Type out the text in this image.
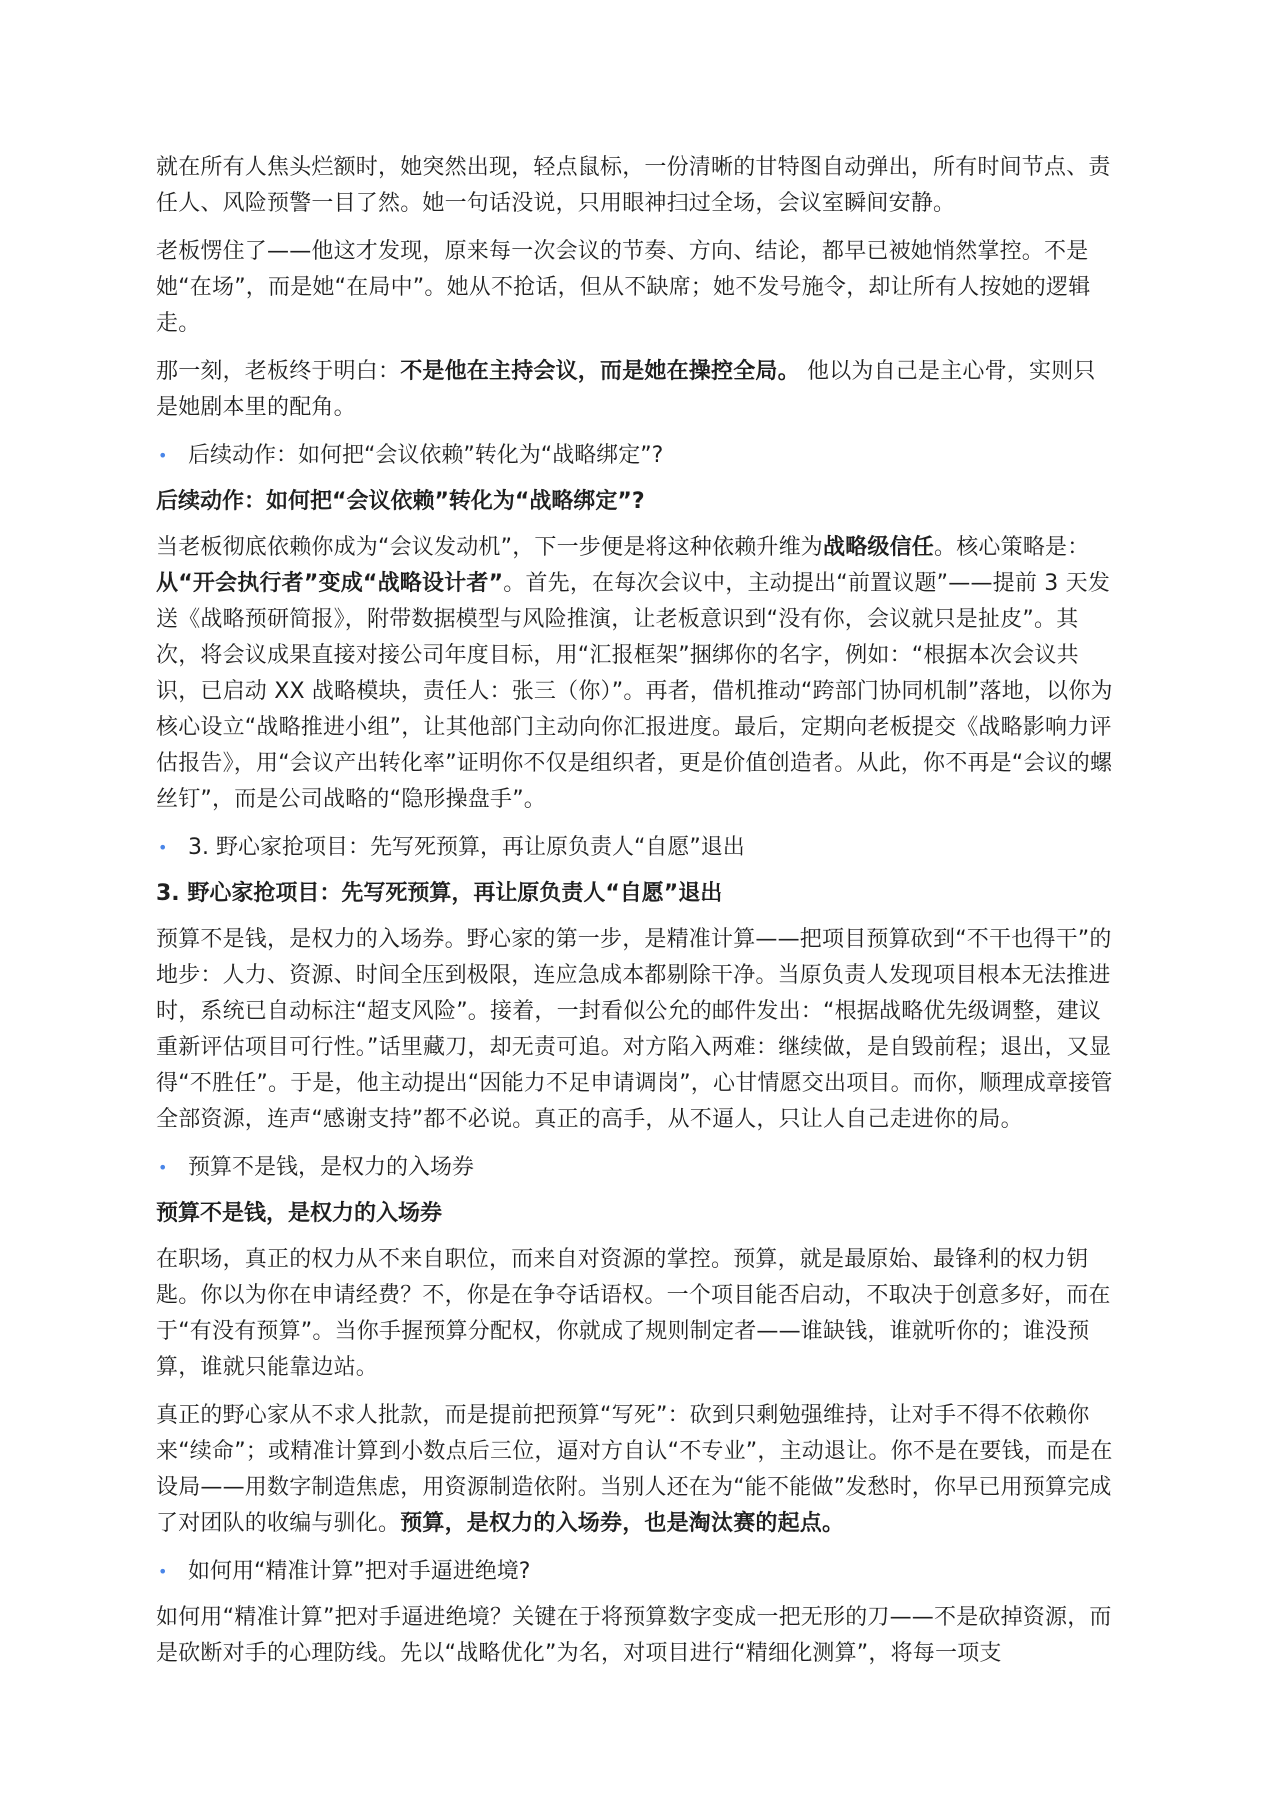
就在所有人焦头烂额时，她突然出现，轻点鼠标，一份清晰的甘特图自动弹出，所有时间节点、责任人、风险预警一目了然。她一句话没说，只用眼神扫过全场，会议室瞬间安静。

老板愣住了——他这才发现，原来每一次会议的节奏、方向、结论，都早已被她悄然掌控。不是她“在场”，而是她“在局中”。她从不抢话，但从不缺席；她不发号施令，却让所有人按她的逻辑走。

那一刻，老板终于明白：不是他在主持会议，而是她在操控全局。 他以为自己是主心骨，实则只是她剧本里的配角。

• 后续动作：如何把“会议依赖”转化为“战略绑定”?
后续动作：如何把“会议依赖”转化为“战略绑定”?

当老板彻底依赖你成为“会议发动机”，下一步便是将这种依赖升维为战略级信任。核心策略是：从“开会执行者”变成“战略设计者”。首先，在每次会议中，主动提出“前置议题”——提前 3 天发送《战略预研简报》，附带数据模型与风险推演，让老板意识到“没有你，会议就只是扯皮”。其次，将会议成果直接对接公司年度目标，用“汇报框架”捆绑你的名字，例如：“根据本次会议共识，已启动 XX 战略模块，责任人：张三（你）”。再者，借机推动“跨部门协同机制”落地，以你为核心设立“战略推进小组”，让其他部门主动向你汇报进度。最后，定期向老板提交《战略影响力评估报告》，用“会议产出转化率”证明你不仅是组织者，更是价值创造者。从此，你不再是“会议的螺丝钉”，而是公司战略的“隐形操盘手”。

• 3. 野心家抢项目：先写死预算，再让原负责人“自愿”退出
3. 野心家抢项目：先写死预算，再让原负责人“自愿”退出

预算不是钱，是权力的入场券。野心家的第一步，是精准计算——把项目预算砍到“不干也得干”的地步：人力、资源、时间全压到极限，连应急成本都剔除干净。当原负责人发现项目根本无法推进时，系统已自动标注“超支风险”。接着，一封看似公允的邮件发出：“根据战略优先级调整，建议重新评估项目可行性。”话里藏刀，却无责可追。对方陷入两难：继续做，是自毁前程；退出，又显得“不胜任”。于是，他主动提出“因能力不足申请调岗”，心甘情愿交出项目。而你，顺理成章接管全部资源，连声“感谢支持”都不必说。真正的高手，从不逼人，只让人自己走进你的局。

• 预算不是钱，是权力的入场券
预算不是钱，是权力的入场券

在职场，真正的权力从不来自职位，而来自对资源的掌控。预算，就是最原始、最锋利的权力钥匙。你以为你在申请经费？不，你是在争夺话语权。一个项目能否启动，不取决于创意多好，而在于“有没有预算”。当你手握预算分配权，你就成了规则制定者——谁缺钱，谁就听你的；谁没预算，谁就只能靠边站。

真正的野心家从不求人批款，而是提前把预算“写死”：砍到只剩勉强维持，让对手不得不依赖你来“续命”；或精准计算到小数点后三位，逼对方自认“不专业”，主动退让。你不是在要钱，而是在设局——用数字制造焦虑，用资源制造依附。当别人还在为“能不能做”发愁时，你早已用预算完成了对团队的收编与驯化。预算，是权力的入场券，也是淘汰赛的起点。

• 如何用“精准计算”把对手逼进绝境?

如何用“精准计算”把对手逼进绝境？关键在于将预算数字变成一把无形的刀——不是砍掉资源，而是砍断对手的心理防线。先以“战略优化”为名，对项目进行“精细化测算”，将每一项支
